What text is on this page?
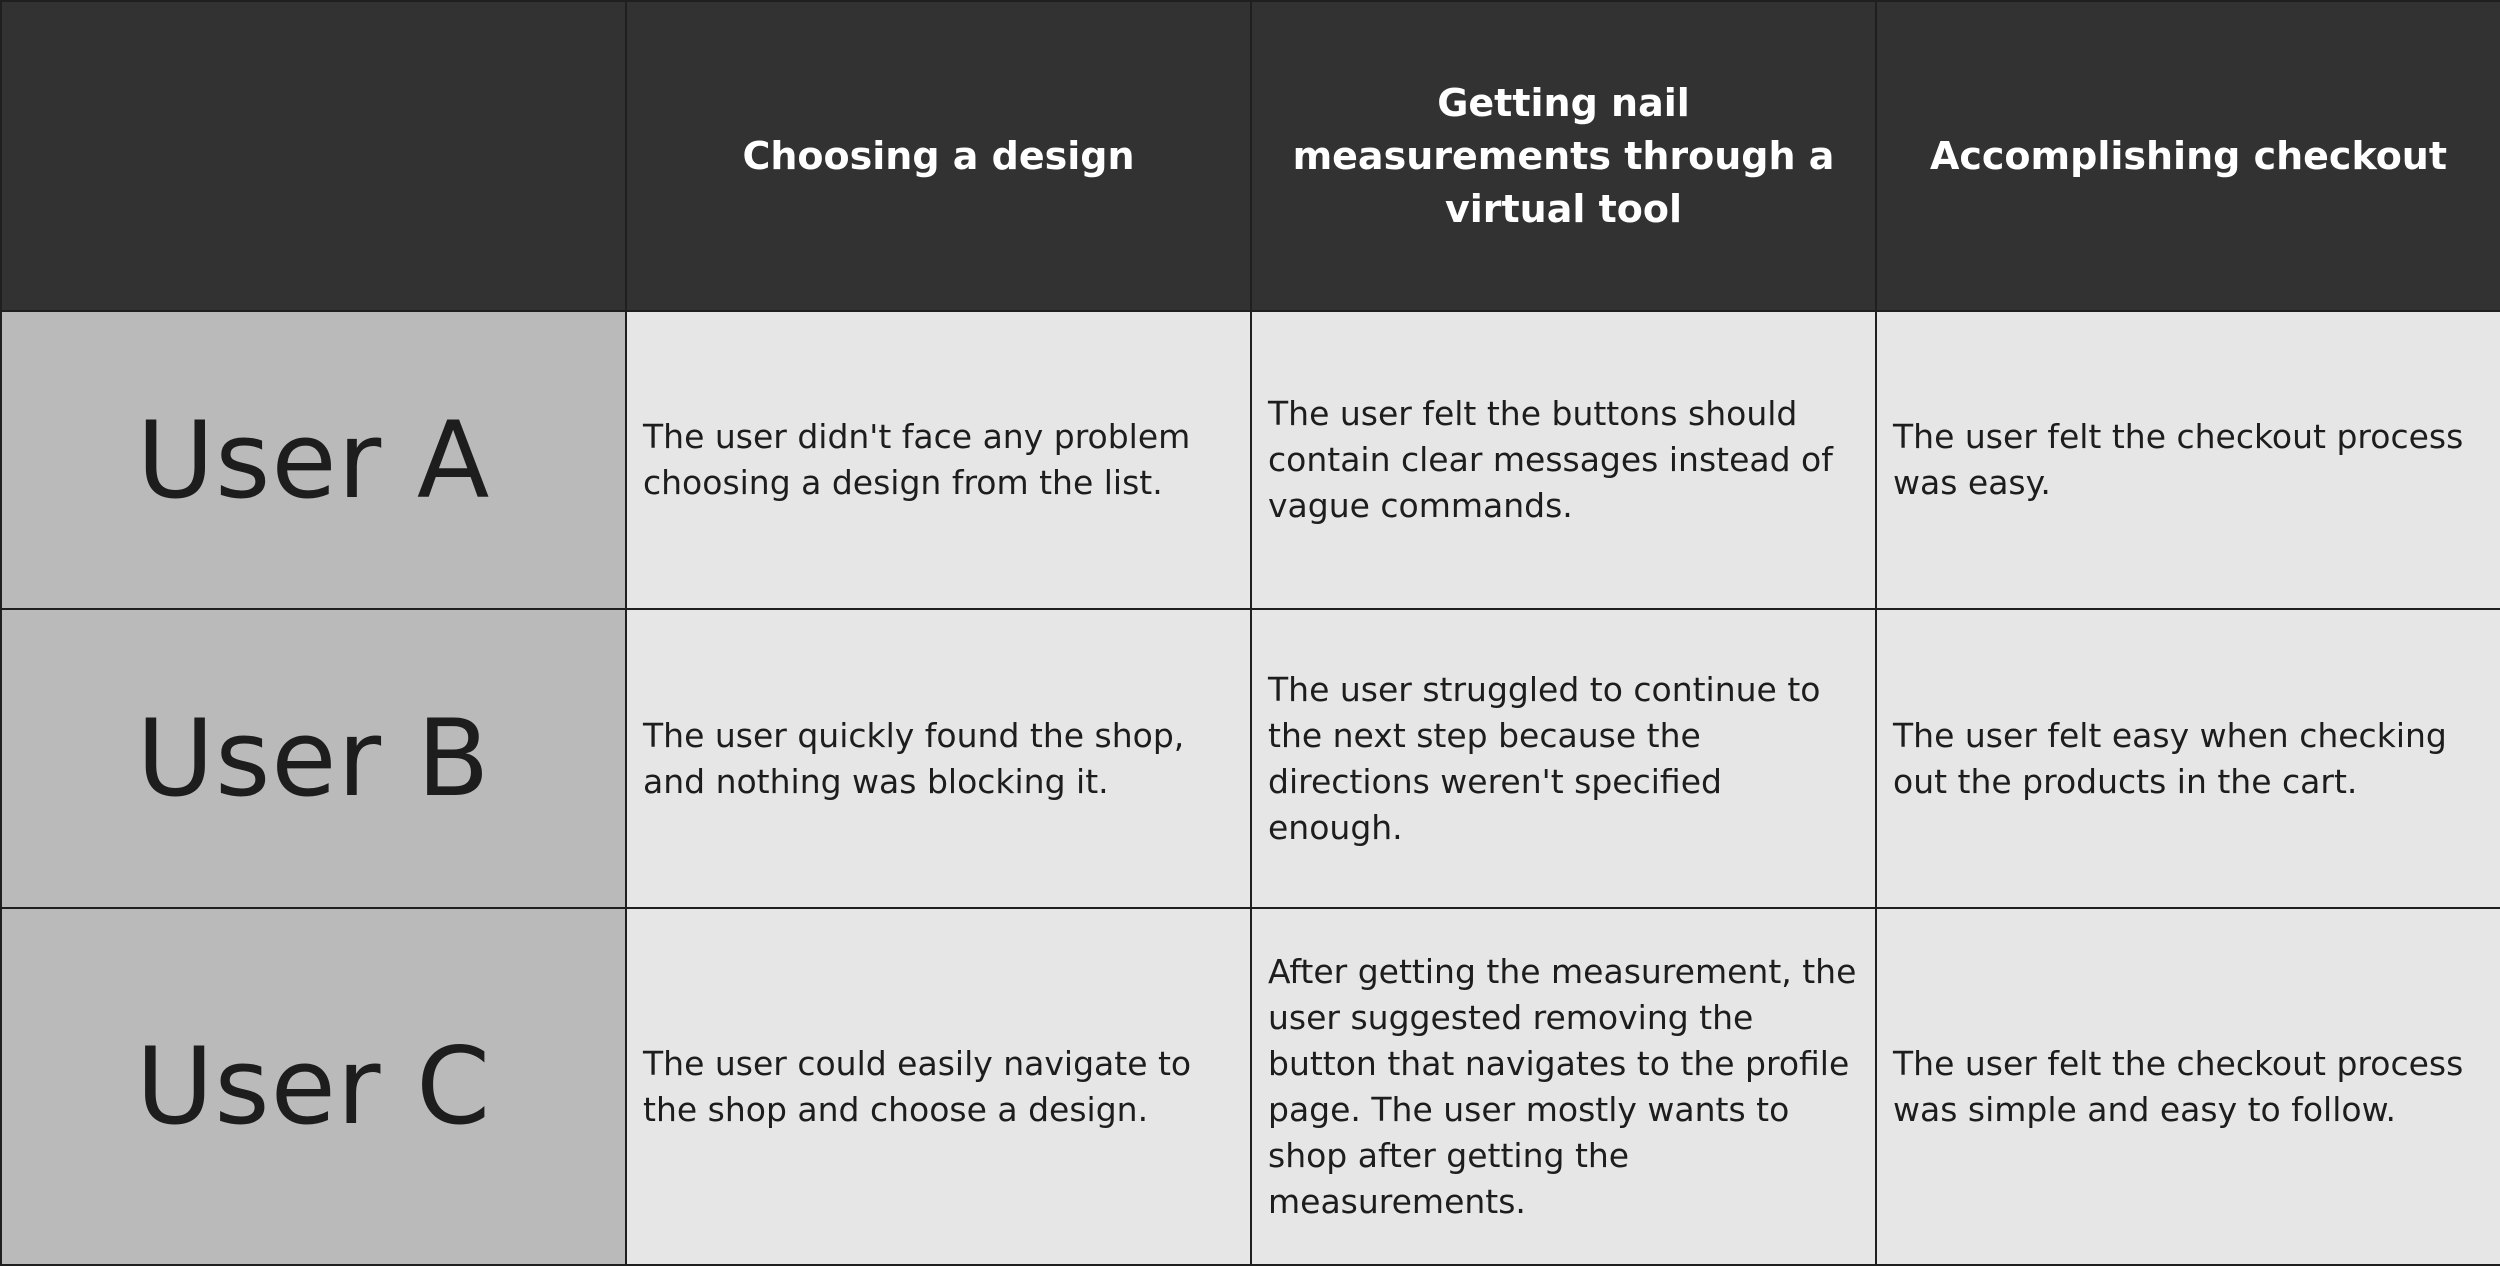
	Choosing a design	Getting nail measurements through a virtual tool	Accomplishing checkout
User A	The user didn't face any problem choosing a design from the list.	The user felt the buttons should contain clear messages instead of vague commands.	The user felt the checkout process was easy.
User B	The user quickly found the shop, and nothing was blocking it.	The user struggled to continue to the next step because the directions weren't specified enough.	The user felt easy when checking out the products in the cart.
User C	The user could easily navigate to the shop and choose a design.	After getting the measurement, the user suggested removing the button that navigates to the profile page. The user mostly wants to shop after getting the measurements.	The user felt the checkout process was simple and easy to follow.
